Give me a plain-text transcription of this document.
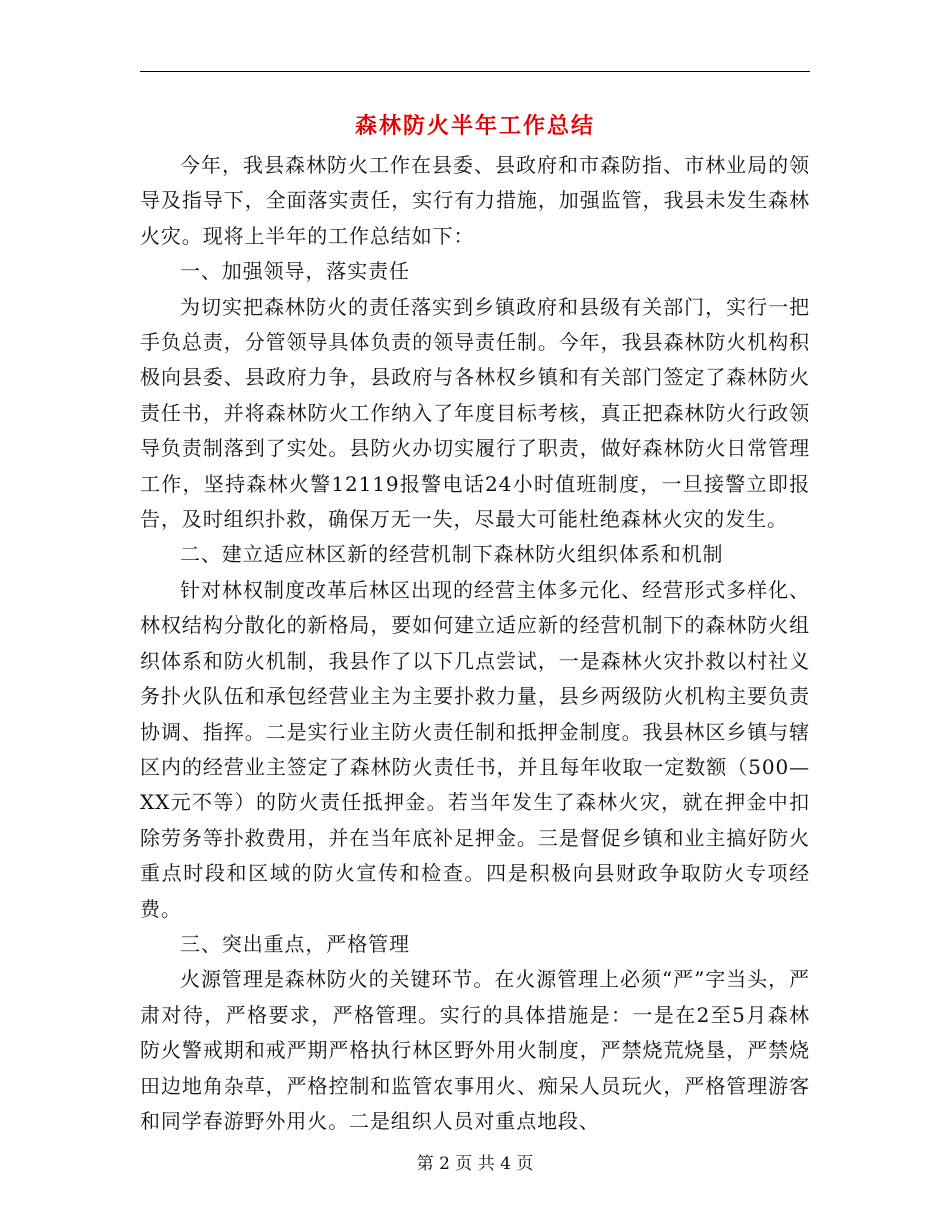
森林防火半年工作总结

今年，我县森林防火工作在县委、县政府和市森防指、市林业局的领导及指导下，全面落实责任，实行有力措施，加强监管，我县未发生森林火灾。现将上半年的工作总结如下：

一、加强领导，落实责任

为切实把森林防火的责任落实到乡镇政府和县级有关部门，实行一把手负总责，分管领导具体负责的领导责任制。今年，我县森林防火机构积极向县委、县政府力争，县政府与各林权乡镇和有关部门签定了森林防火责任书，并将森林防火工作纳入了年度目标考核，真正把森林防火行政领导负责制落到了实处。县防火办切实履行了职责，做好森林防火日常管理工作，坚持森林火警12119报警电话24小时值班制度，一旦接警立即报告，及时组织扑救，确保万无一失，尽最大可能杜绝森林火灾的发生。

二、建立适应林区新的经营机制下森林防火组织体系和机制

针对林权制度改革后林区出现的经营主体多元化、经营形式多样化、林权结构分散化的新格局，要如何建立适应新的经营机制下的森林防火组织体系和防火机制，我县作了以下几点尝试，一是森林火灾扑救以村社义务扑火队伍和承包经营业主为主要扑救力量，县乡两级防火机构主要负责协调、指挥。二是实行业主防火责任制和抵押金制度。我县林区乡镇与辖区内的经营业主签定了森林防火责任书，并且每年收取一定数额（500—XX元不等）的防火责任抵押金。若当年发生了森林火灾，就在押金中扣除劳务等扑救费用，并在当年底补足押金。三是督促乡镇和业主搞好防火重点时段和区域的防火宣传和检查。四是积极向县财政争取防火专项经费。

三、突出重点，严格管理

火源管理是森林防火的关键环节。在火源管理上必须“严”字当头，严肃对待，严格要求，严格管理。实行的具体措施是：一是在2至5月森林防火警戒期和戒严期严格执行林区野外用火制度，严禁烧荒烧垦，严禁烧田边地角杂草，严格控制和监管农事用火、痴呆人员玩火，严格管理游客和同学春游野外用火。二是组织人员对重点地段、

第 2 页 共 4 页
